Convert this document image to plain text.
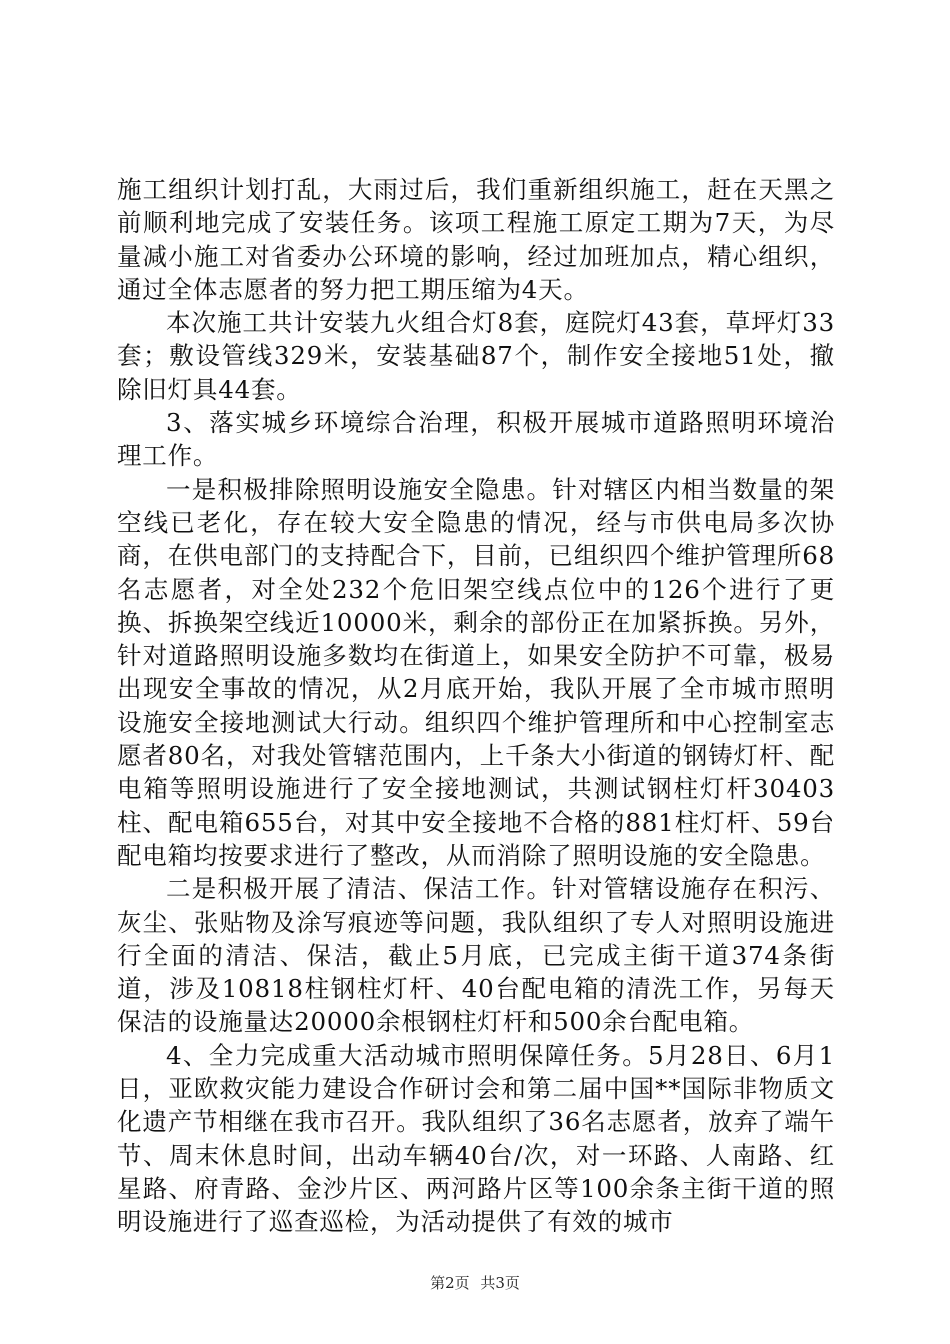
施工组织计划打乱，大雨过后，我们重新组织施工，赶在天黑之前顺利地完成了安装任务。该项工程施工原定工期为7天，为尽量减小施工对省委办公环境的影响，经过加班加点，精心组织，通过全体志愿者的努力把工期压缩为4天。

本次施工共计安装九火组合灯8套，庭院灯43套，草坪灯33套；敷设管线329米，安装基础87个，制作安全接地51处，撤除旧灯具44套。

3、落实城乡环境综合治理，积极开展城市道路照明环境治理工作。

一是积极排除照明设施安全隐患。针对辖区内相当数量的架空线已老化，存在较大安全隐患的情况，经与市供电局多次协商，在供电部门的支持配合下，目前，已组织四个维护管理所68名志愿者，对全处232个危旧架空线点位中的126个进行了更换、拆换架空线近10000米，剩余的部份正在加紧拆换。另外，针对道路照明设施多数均在街道上，如果安全防护不可靠，极易出现安全事故的情况，从2月底开始，我队开展了全市城市照明设施安全接地测试大行动。组织四个维护管理所和中心控制室志愿者80名，对我处管辖范围内，上千条大小街道的钢铸灯杆、配电箱等照明设施进行了安全接地测试，共测试钢柱灯杆30403柱、配电箱655台，对其中安全接地不合格的881柱灯杆、59台配电箱均按要求进行了整改，从而消除了照明设施的安全隐患。

二是积极开展了清洁、保洁工作。针对管辖设施存在积污、灰尘、张贴物及涂写痕迹等问题，我队组织了专人对照明设施进行全面的清洁、保洁，截止5月底，已完成主街干道374条街道，涉及10818柱钢柱灯杆、40台配电箱的清洗工作，另每天保洁的设施量达20000余根钢柱灯杆和500余台配电箱。

4、全力完成重大活动城市照明保障任务。5月28日、6月1日，亚欧救灾能力建设合作研讨会和第二届中国**国际非物质文化遗产节相继在我市召开。我队组织了36名志愿者，放弃了端午节、周末休息时间，出动车辆40台/次，对一环路、人南路、红星路、府青路、金沙片区、两河路片区等100余条主街干道的照明设施进行了巡查巡检，为活动提供了有效的城市

第2页 共3页
